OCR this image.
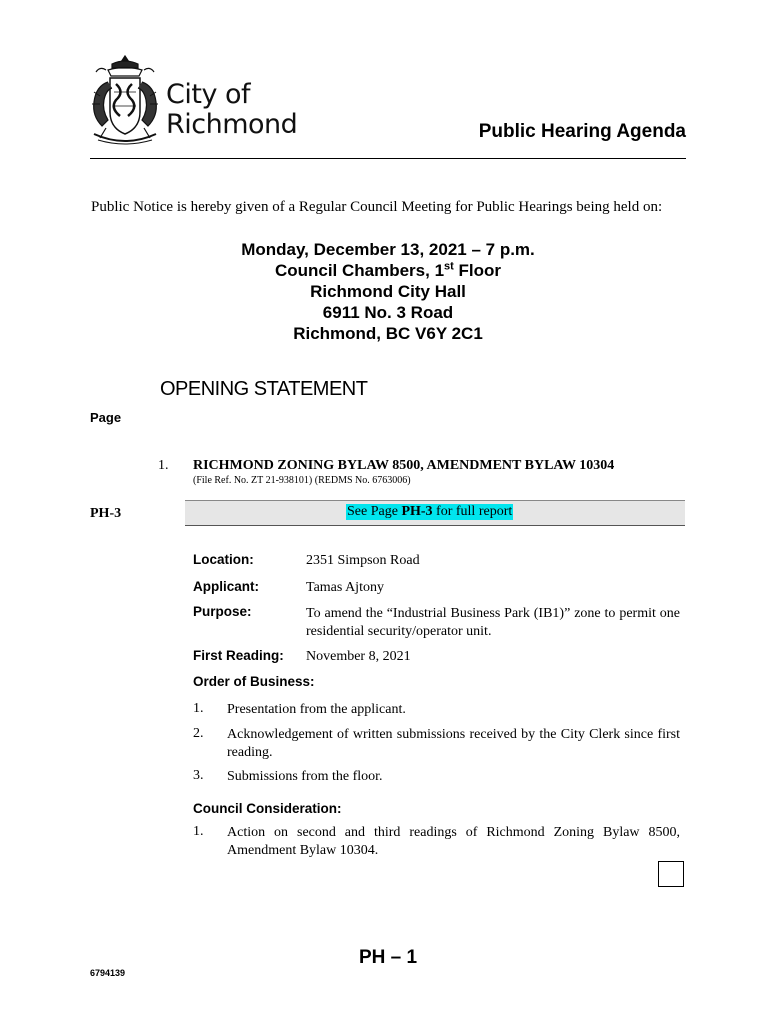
City of
Richmond	Public Hearing Agenda
Public Notice is hereby given of a Regular Council Meeting for Public Hearings being held on:
Monday, December 13, 2021 – 7 p.m.
Council Chambers, 1st Floor
Richmond City Hall
6911 No. 3 Road
Richmond, BC V6Y 2C1
OPENING STATEMENT
Page
1. RICHMOND ZONING BYLAW 8500, AMENDMENT BYLAW 10304
(File Ref. No. ZT 21-938101) (REDMS No. 6763006)
PH-3	See Page PH-3 for full report
Location:	2351 Simpson Road
Applicant:	Tamas Ajtony
Purpose:	To amend the “Industrial Business Park (IB1)” zone to permit one residential security/operator unit.
First Reading: November 8, 2021
Order of Business:
1. Presentation from the applicant.
2. Acknowledgement of written submissions received by the City Clerk since first reading.
3. Submissions from the floor.
Council Consideration:
1. Action on second and third readings of Richmond Zoning Bylaw 8500, Amendment Bylaw 10304.
PH – 1
6794139
